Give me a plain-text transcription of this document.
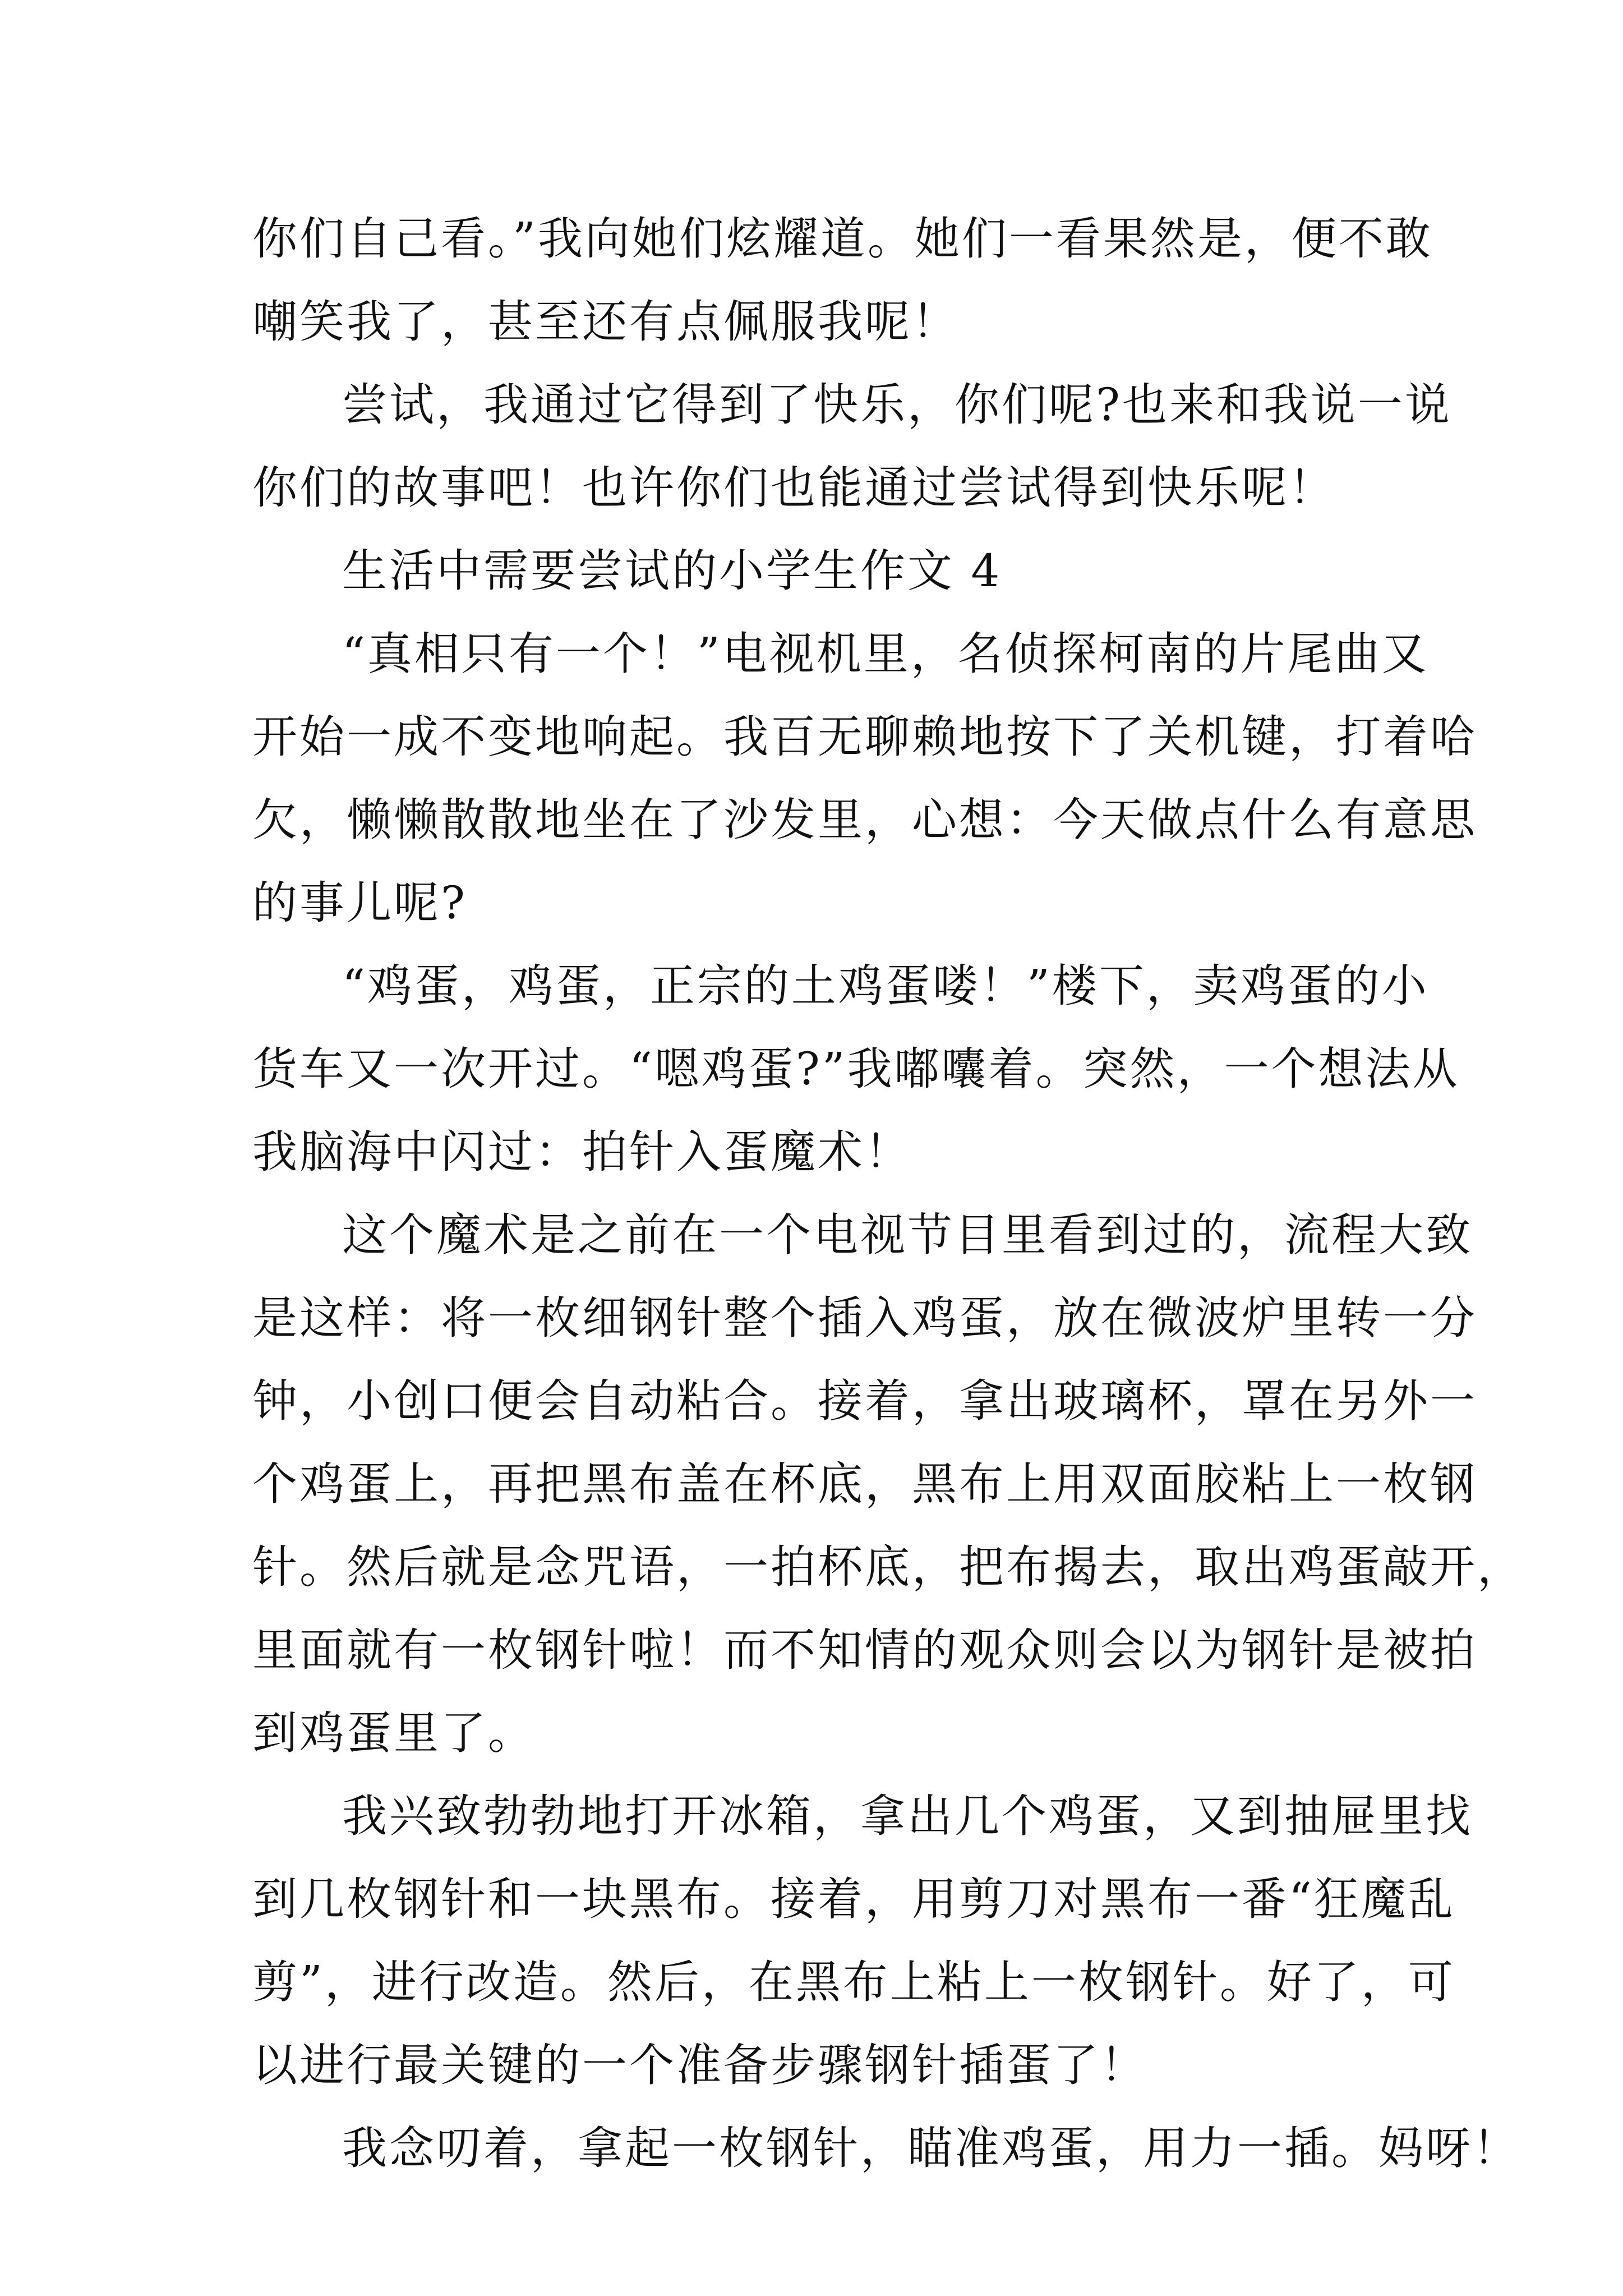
你们自己看。”我向她们炫耀道。她们一看果然是，便不敢
嘲笑我了，甚至还有点佩服我呢！
尝试，我通过它得到了快乐，你们呢?也来和我说一说
你们的故事吧！也许你们也能通过尝试得到快乐呢！
生活中需要尝试的小学生作文 4
“真相只有一个！”电视机里，名侦探柯南的片尾曲又
开始一成不变地响起。我百无聊赖地按下了关机键，打着哈
欠，懒懒散散地坐在了沙发里，心想：今天做点什么有意思
的事儿呢?
“鸡蛋，鸡蛋，正宗的土鸡蛋喽！”楼下，卖鸡蛋的小
货车又一次开过。“嗯鸡蛋?”我嘟囔着。突然，一个想法从
我脑海中闪过：拍针入蛋魔术！
这个魔术是之前在一个电视节目里看到过的，流程大致
是这样：将一枚细钢针整个插入鸡蛋，放在微波炉里转一分
钟，小创口便会自动粘合。接着，拿出玻璃杯，罩在另外一
个鸡蛋上，再把黑布盖在杯底，黑布上用双面胶粘上一枚钢
针。然后就是念咒语，一拍杯底，把布揭去，取出鸡蛋敲开，
里面就有一枚钢针啦！而不知情的观众则会以为钢针是被拍
到鸡蛋里了。
我兴致勃勃地打开冰箱，拿出几个鸡蛋，又到抽屉里找
到几枚钢针和一块黑布。接着，用剪刀对黑布一番“狂魔乱
剪”，进行改造。然后，在黑布上粘上一枚钢针。好了，可
以进行最关键的一个准备步骤钢针插蛋了！
我念叨着，拿起一枚钢针，瞄准鸡蛋，用力一插。妈呀！
